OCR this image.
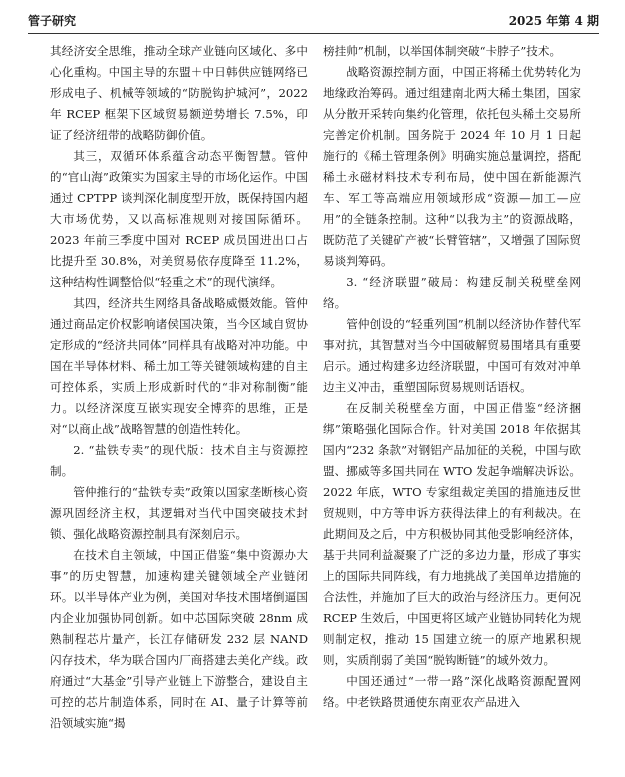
管子研究	2025 年第 4 期

其经济安全思维，推动全球产业链向区域化、多中心化重构。中国主导的东盟＋中日韩供应链网络已形成电子、机械等领域的“防脱钩护城河”，2022 年 RCEP 框架下区域贸易额逆势增长 7.5%，印证了经济纽带的战略防御价值。

其三，双循环体系蕴含动态平衡智慧。管仲的“官山海”政策实为国家主导的市场化运作。中国通过 CPTPP 谈判深化制度型开放，既保持国内超大市场优势，又以高标准规则对接国际循环。2023 年前三季度中国对 RCEP 成员国进出口占比提升至 30.8%，对美贸易依存度降至 11.2%，这种结构性调整恰似“轻重之术”的现代演绎。

其四，经济共生网络具备战略威慑效能。管仲通过商品定价权影响诸侯国决策，当今区域自贸协定形成的“经济共同体”同样具有战略对冲功能。中国在半导体材料、稀土加工等关键领域构建的自主可控体系，实质上形成新时代的“非对称制衡”能力。以经济深度互嵌实现安全博弈的思维，正是对“以商止战”战略智慧的创造性转化。

2. “盐铁专卖”的现代版：技术自主与资源控制。

管仲推行的“盐铁专卖”政策以国家垄断核心资源巩固经济主权，其逻辑对当代中国突破技术封锁、强化战略资源控制具有深刻启示。

在技术自主领域，中国正借鉴“集中资源办大事”的历史智慧，加速构建关键领域全产业链闭环。以半导体产业为例，美国对华技术围堵倒逼国内企业加强协同创新。如中芯国际突破 28nm 成熟制程芯片量产，长江存储研发 232 层 NAND 闪存技术，华为联合国内厂商搭建去美化产线。政府通过“大基金”引导产业链上下游整合，建设自主可控的芯片制造体系，同时在 AI、量子计算等前沿领域实施“揭

榜挂帅”机制，以举国体制突破“卡脖子”技术。

战略资源控制方面，中国正将稀土优势转化为地缘政治筹码。通过组建南北两大稀土集团，国家从分散开采转向集约化管理，依托包头稀土交易所完善定价机制。国务院于 2024 年 10 月 1 日起施行的《稀土管理条例》明确实施总量调控，搭配稀土永磁材料技术专利布局，使中国在新能源汽车、军工等高端应用领域形成“资源—加工—应用”的全链条控制。这种“以我为主”的资源战略，既防范了关键矿产被“长臂管辖”，又增强了国际贸易谈判筹码。

3. “经济联盟”破局：构建反制关税壁垒网络。

管仲创设的“轻重列国”机制以经济协作替代军事对抗，其智慧对当今中国破解贸易围堵具有重要启示。通过构建多边经济联盟，中国可有效对冲单边主义冲击，重塑国际贸易规则话语权。

在反制关税壁垒方面，中国正借鉴“经济捆绑”策略强化国际合作。针对美国 2018 年依据其国内“232 条款”对钢铝产品加征的关税，中国与欧盟、挪威等多国共同在 WTO 发起争端解决诉讼。2022 年底，WTO 专家组裁定美国的措施违反世贸规则，中方等申诉方获得法律上的有利裁决。在此期间及之后，中方积极协同其他受影响经济体，基于共同利益凝聚了广泛的多边力量，形成了事实上的国际共同阵线，有力地挑战了美国单边措施的合法性，并施加了巨大的政治与经济压力。更何况 RCEP 生效后，中国更将区域产业链协同转化为规则制定权，推动 15 国建立统一的原产地累积规则，实质削弱了美国“脱钩断链”的域外效力。

中国还通过“一带一路”深化战略资源配置网络。中老铁路贯通使东南亚农产品进入
